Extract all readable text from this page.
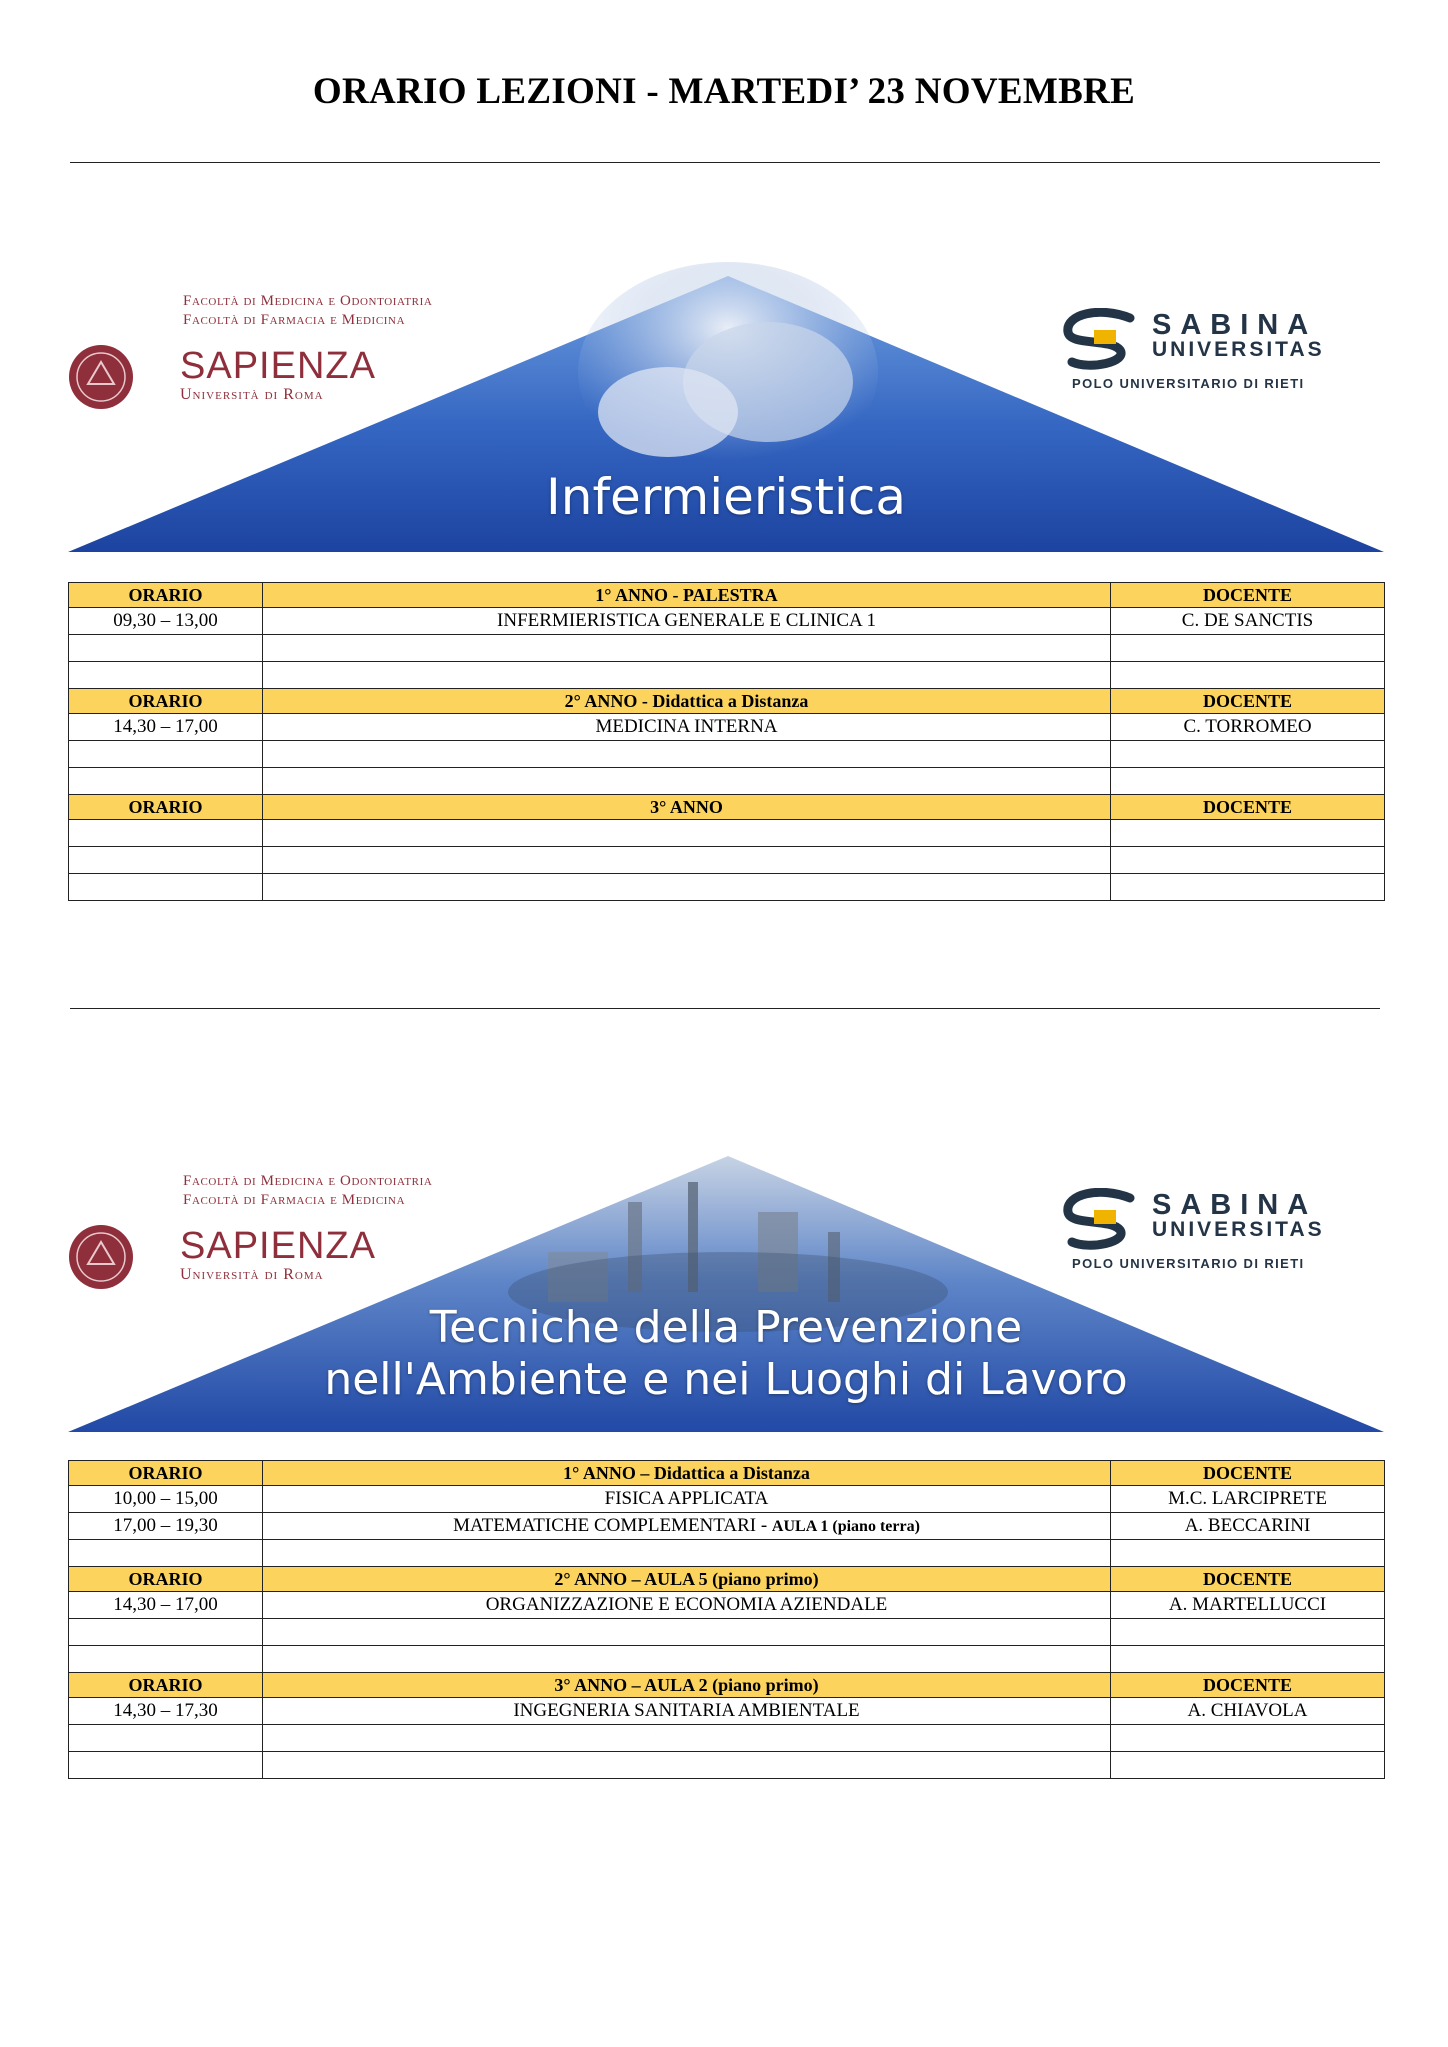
ORARIO LEZIONI - MARTEDI’ 23 NOVEMBRE
Facoltà di Medicina e Odontoiatria
Facoltà di Farmacia e Medicina
SAPIENZA
Università di Roma
SABINA
UNIVERSITAS
POLO UNIVERSITARIO DI RIETI
Infermieristica
ORARIO	1° ANNO - PALESTRA	DOCENTE
09,30 – 13,00	INFERMIERISTICA GENERALE E CLINICA 1	C. DE SANCTIS

ORARIO	2° ANNO - Didattica a Distanza	DOCENTE
14,30 – 17,00	MEDICINA INTERNA	C. TORROMEO

ORARIO	3° ANNO	DOCENTE

Facoltà di Medicina e Odontoiatria
Facoltà di Farmacia e Medicina
SAPIENZA
Università di Roma
SABINA
UNIVERSITAS
POLO UNIVERSITARIO DI RIETI
Tecniche della Prevenzione
nell'Ambiente e nei Luoghi di Lavoro
ORARIO	1° ANNO – Didattica a Distanza	DOCENTE
10,00 – 15,00	FISICA APPLICATA	M.C. LARCIPRETE
17,00 – 19,30	MATEMATICHE COMPLEMENTARI - AULA 1 (piano terra)	A. BECCARINI

ORARIO	2° ANNO – AULA 5 (piano primo)	DOCENTE
14,30 – 17,00	ORGANIZZAZIONE E ECONOMIA AZIENDALE	A. MARTELLUCCI

ORARIO	3° ANNO – AULA 2 (piano primo)	DOCENTE
14,30 – 17,30	INGEGNERIA SANITARIA AMBIENTALE	A. CHIAVOLA
